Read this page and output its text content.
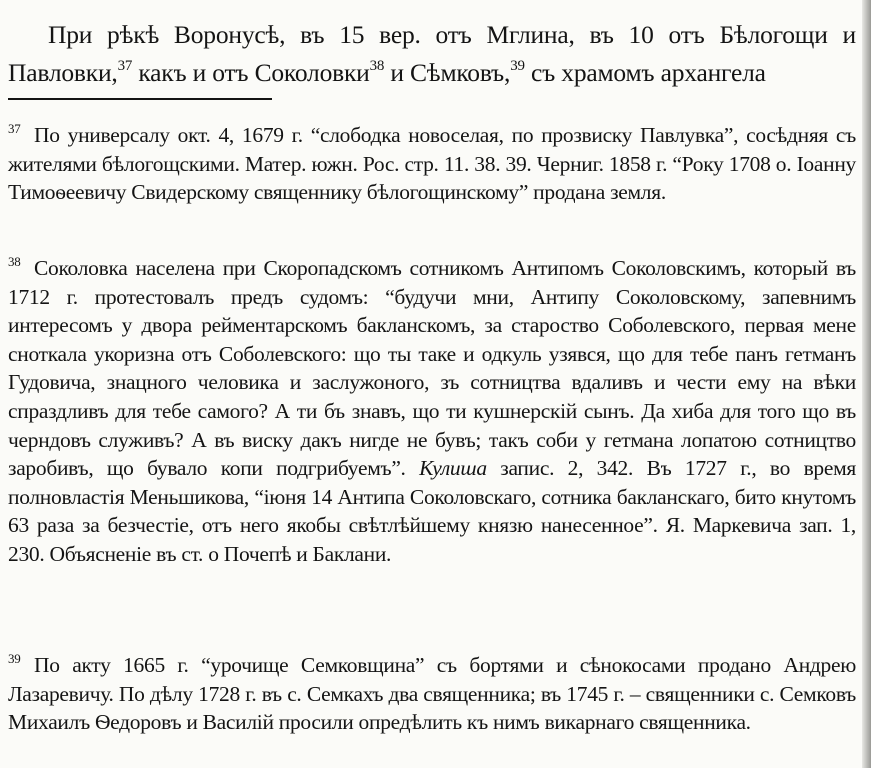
При рѣкѣ Воронусѣ, въ 15 вер. отъ Мглина, въ 10 отъ Бѣлогощи и Павловки,$^{37}$ какъ и отъ Соколовки$^{38}$ и Сѣмковъ,$^{39}$ съ храмомъ архангела
$^{37}$ По универсалу окт. 4, 1679 г. “слободка новоселая, по прозвиску Павлувка”, сосѣдняя съ жителями бѣлогощскими. Матер. южн. Рос. стр. 11. 38. 39. Черниг. 1858 г. “Року 1708 о. Іоанну Тимоѳеевичу Свидерскому священнику бѣлогощинскому” продана земля.
$^{38}$ Соколовка населена при Скоропадскомъ сотникомъ Антипомъ Соколовскимъ, который въ 1712 г. протестовалъ предъ судомъ: “будучи мни, Антипу Соколовскому, запевнимъ интересомъ у двора рейментарскомъ бакланскомъ, за староство Соболевского, первая мене сноткала укоризна отъ Соболевского: що ты таке и одкуль узявся, що для тебе панъ гетманъ Гудовича, знацного человика и заслужоного, зъ сотництва вдаливъ и чести ему на вѣки спраздливъ для тебе самого? А ти бъ знавъ, що ти кушнерскій сынъ. Да хиба для того що въ черндовъ служивъ? А въ виску дакъ нигде не бувъ; такъ соби у гетмана лопатою сотництво заробивъ, що бувало копи подгрибуемъ”. Кулиша запис. 2, 342. Въ 1727 г., во время полновластія Меньшикова, “іюня 14 Антипа Соколовскаго, сотника бакланскаго, бито кнутомъ 63 раза за безчестіе, отъ него якобы свѣтлѣйшему князю нанесенное”. Я. Маркевича зап. 1, 230. Объясненіе въ ст. о Почепѣ и Баклани.
$^{39}$ По акту 1665 г. “урочище Семковщина” съ бортями и сѣнокосами продано Андрею Лазаревичу. По дѣлу 1728 г. въ с. Семкахъ два священника; въ 1745 г. – священники с. Семковъ Михаилъ Ѳедоровъ и Василій просили опредѣлить къ нимъ викарнаго священника.
